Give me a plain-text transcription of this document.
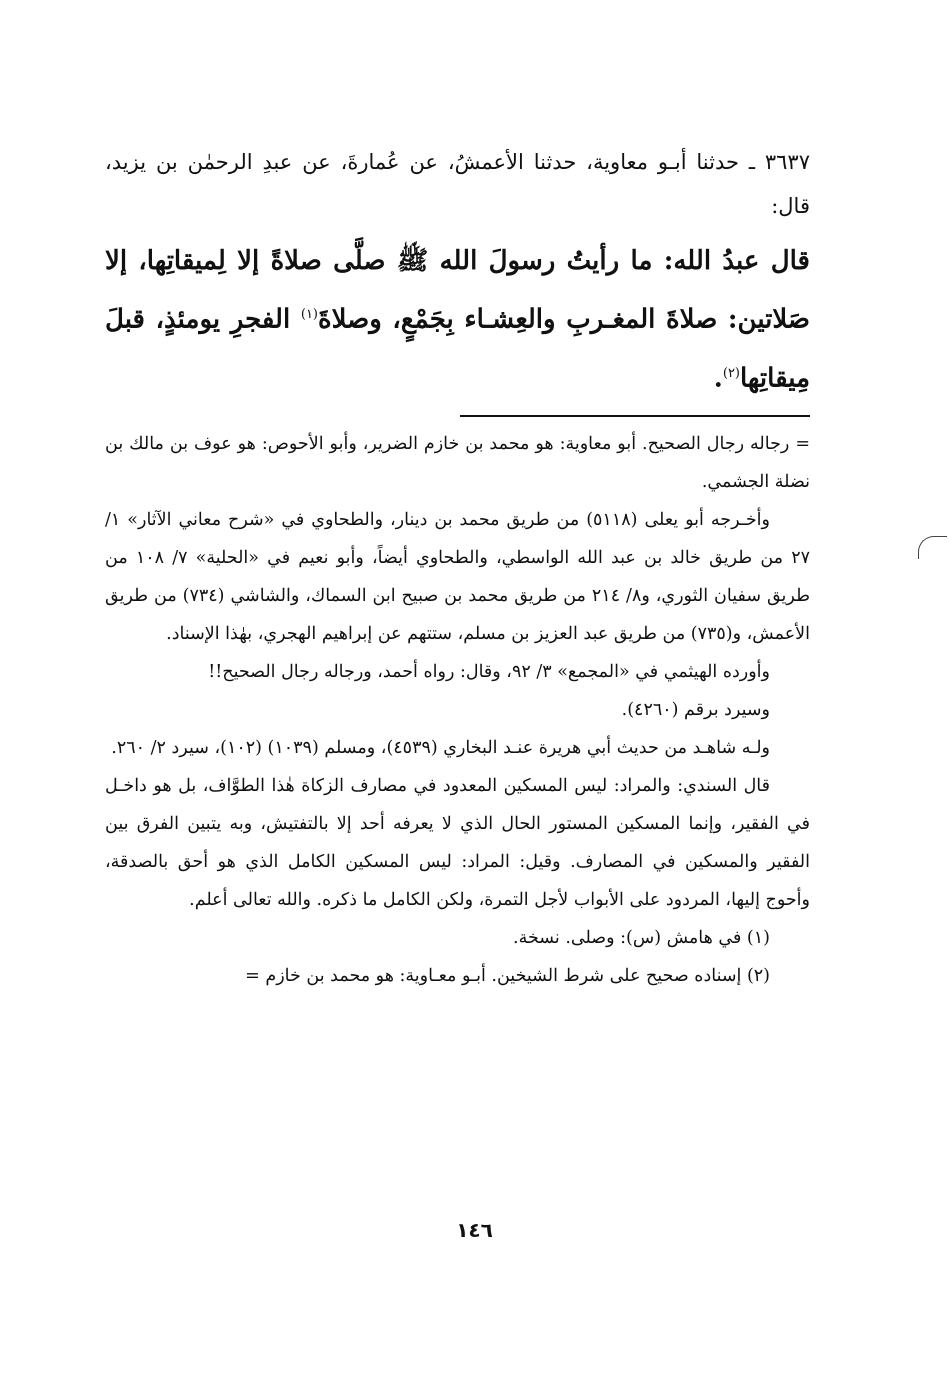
٣٦٣٧ ـ حدثنا أبـو معاوية، حدثنا الأعمشُ، عن عُمارةَ، عن عبدِ الرحمٰن بن يزيد، قال:

قال عبدُ الله: ما رأيتُ رسولَ الله ﷺ صلَّى صلاةً إلا لِميقاتِها، إلا صَلاتين: صلاةَ المغـربِ والعِشـاء بِجَمْعٍ، وصلاةَ$^{(١)}$ الفجرِ يومئذٍ، قبلَ مِيقاتِها$^{(٢)}$.

= رجاله رجال الصحيح. أبو معاوية: هو محمد بن خازم الضرير، وأبو الأحوص: هو عوف بن مالك بن نضلة الجشمي.

وأخـرجه أبو يعلى (٥١١٨) من طريق محمد بن دينار، والطحاوي في «شرح معاني الآثار» ١/ ٢٧ من طريق خالد بن عبد الله الواسطي، والطحاوي أيضاً، وأبو نعيم في «الحلية» ٧/ ١٠٨ من طريق سفيان الثوري، و٨/ ٢١٤ من طريق محمد بن صبيح ابن السماك، والشاشي (٧٣٤) من طريق الأعمش، و(٧٣٥) من طريق عبد العزيز بن مسلم، ستتهم عن إبراهيم الهجري، بهٰذا الإسناد.

وأورده الهيثمي في «المجمع» ٣/ ٩٢، وقال: رواه أحمد، ورجاله رجال الصحيح!!

وسيرد برقم (٤٢٦٠).

ولـه شاهـد من حديث أبي هريرة عنـد البخاري (٤٥٣٩)، ومسلم (١٠٣٩) (١٠٢)، سيرد ٢/ ٢٦٠.

قال السندي: والمراد: ليس المسكين المعدود في مصارف الزكاة هٰذا الطوَّاف، بل هو داخـل في الفقير، وإنما المسكين المستور الحال الذي لا يعرفه أحد إلا بالتفتيش، وبه يتبين الفرق بين الفقير والمسكين في المصارف. وقيل: المراد: ليس المسكين الكامل الذي هو أحق بالصدقة، وأحوج إليها، المردود على الأبواب لأجل التمرة، ولكن الكامل ما ذكره. والله تعالى أعلم.

(١) في هامش (س): وصلى. نسخة.

(٢) إسناده صحيح على شرط الشيخين. أبـو معـاوية: هو محمد بن خازم =

١٤٦
